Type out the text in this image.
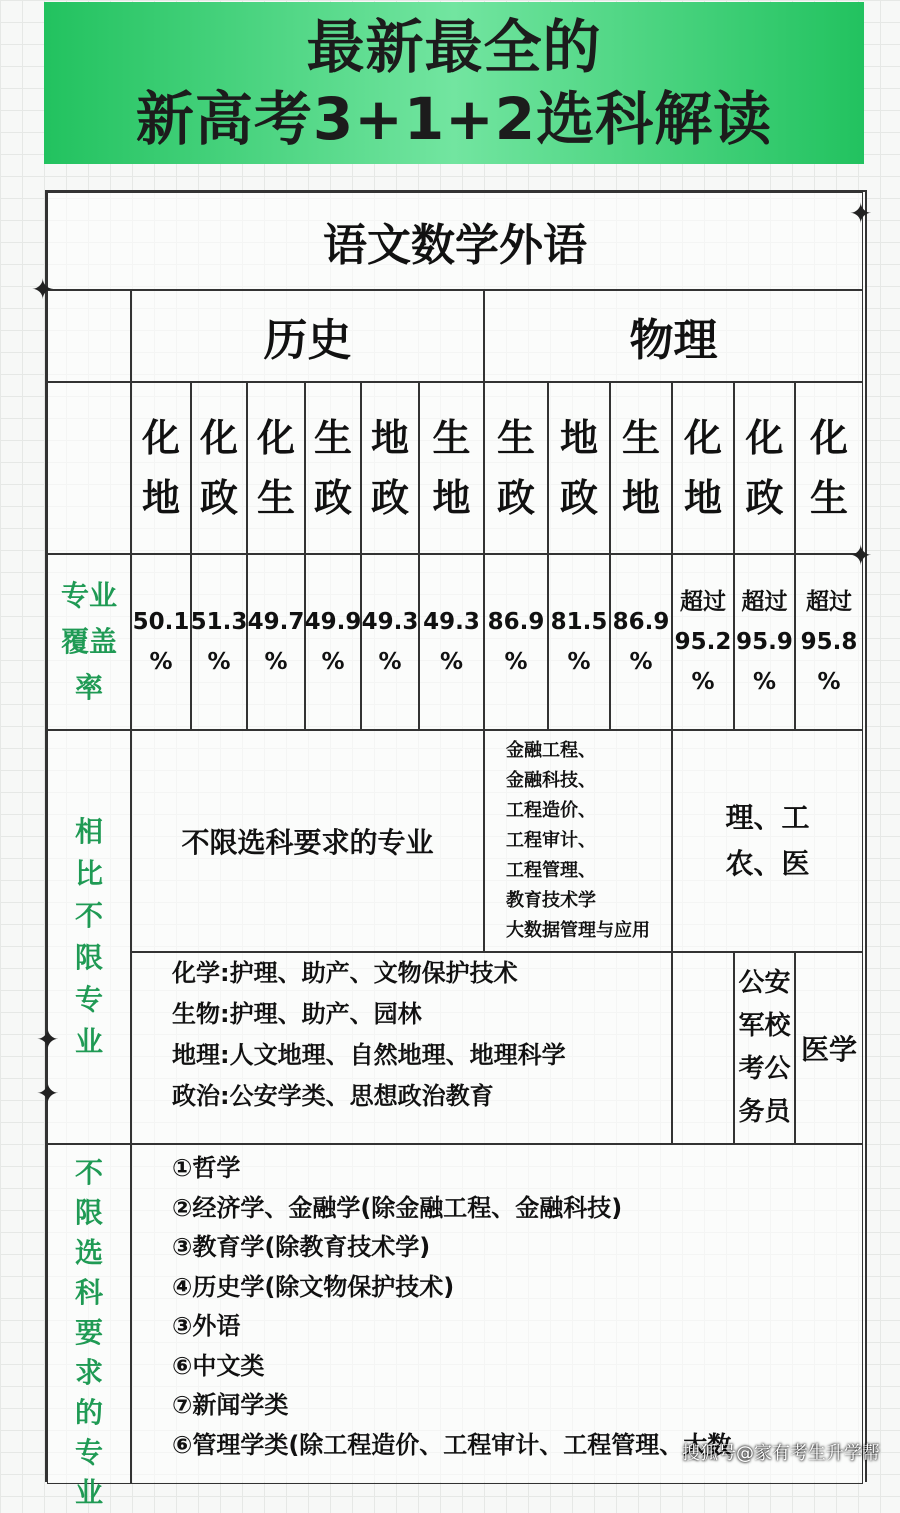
最新最全的
新高考3+1+2选科解读
语文数学外语
历史	物理
化地
化政
化生
生政
地政
生地
生政
地政
生地
化地
化政
化生
专业覆盖率
50.1
%
51.3
%
49.7
%
49.9
%
49.3
%
49.3
%
86.9
%
81.5
%
86.9
%
超过
95.2
%
超过
95.9
%
超过
95.8
%
相比不限专业
不限选科要求的专业
金融工程、
金融科技、
工程造价、
工程审计、
工程管理、
教育技术学
大数据管理与应用
理、工
农、医
化学:护理、助产、文物保护技术
生物:护理、助产、园林
地理:人文地理、自然地理、地理科学
政治:公安学类、思想政治教育
公安军校考公务员
医学
不限选科要求的专业
①哲学
②经济学、金融学(除金融工程、金融科技)
③教育学(除教育技术学)
④历史学(除文物保护技术)
③外语
⑥中文类
⑦新闻学类
⑥管理学类(除工程造价、工程审计、工程管理、大数
✦
✦
✦
✦
✦
搜狐号@家有考生升学帮
